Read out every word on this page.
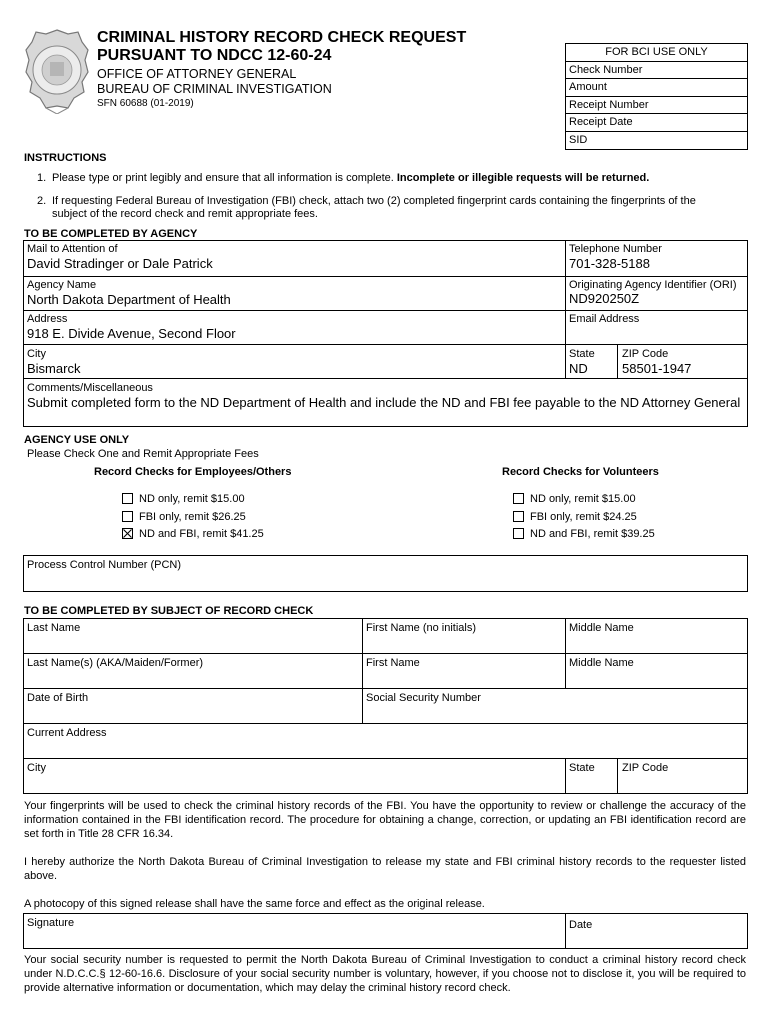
CRIMINAL HISTORY RECORD CHECK REQUEST
PURSUANT TO NDCC 12-60-24
OFFICE OF ATTORNEY GENERAL
BUREAU OF CRIMINAL INVESTIGATION
SFN 60688 (01-2019)
FOR BCI USE ONLY
Check Number
Amount
Receipt Number
Receipt Date
SID
INSTRUCTIONS
1. Please type or print legibly and ensure that all information is complete. Incomplete or illegible requests will be returned.
2. If requesting Federal Bureau of Investigation (FBI) check, attach two (2) completed fingerprint cards containing the fingerprints of the
subject of the record check and remit appropriate fees.
TO BE COMPLETED BY AGENCY
Mail to Attention of
David Stradinger or Dale Patrick
Telephone Number
701-328-5188
Agency Name
North Dakota Department of Health
Originating Agency Identifier (ORI)
ND920250Z
Address
918 E. Divide Avenue, Second Floor
Email Address
City
Bismarck
State
ND
ZIP Code
58501-1947
Comments/Miscellaneous
Submit completed form to the ND Department of Health and include the ND and FBI fee payable to the ND Attorney General
AGENCY USE ONLY
Please Check One and Remit Appropriate Fees
Record Checks for Employees/Others	Record Checks for Volunteers
ND only, remit $15.00
FBI only, remit $26.25
ND and FBI, remit $41.25
ND only, remit $15.00
FBI only, remit $24.25
ND and FBI, remit $39.25
Process Control Number (PCN)
TO BE COMPLETED BY SUBJECT OF RECORD CHECK
Last Name	First Name (no initials)	Middle Name
Last Name(s) (AKA/Maiden/Former)	First Name	Middle Name
Date of Birth	Social Security Number
Current Address
City	State ZIP Code
Your fingerprints will be used to check the criminal history records of the FBI. You have the opportunity to review or challenge the accuracy of the information contained in the FBI identification record. The procedure for obtaining a change, correction, or updating an FBI identification record are set forth in Title 28 CFR 16.34.
I hereby authorize the North Dakota Bureau of Criminal Investigation to release my state and FBI criminal history records to the requester listed above.
A photocopy of this signed release shall have the same force and effect as the original release.
Signature	Date
Your social security number is requested to permit the North Dakota Bureau of Criminal Investigation to conduct a criminal history record check under N.D.C.C.§ 12-60-16.6. Disclosure of your social security number is voluntary, however, if you choose not to disclose it, you will be required to provide alternative information or documentation, which may delay the criminal history record check.
